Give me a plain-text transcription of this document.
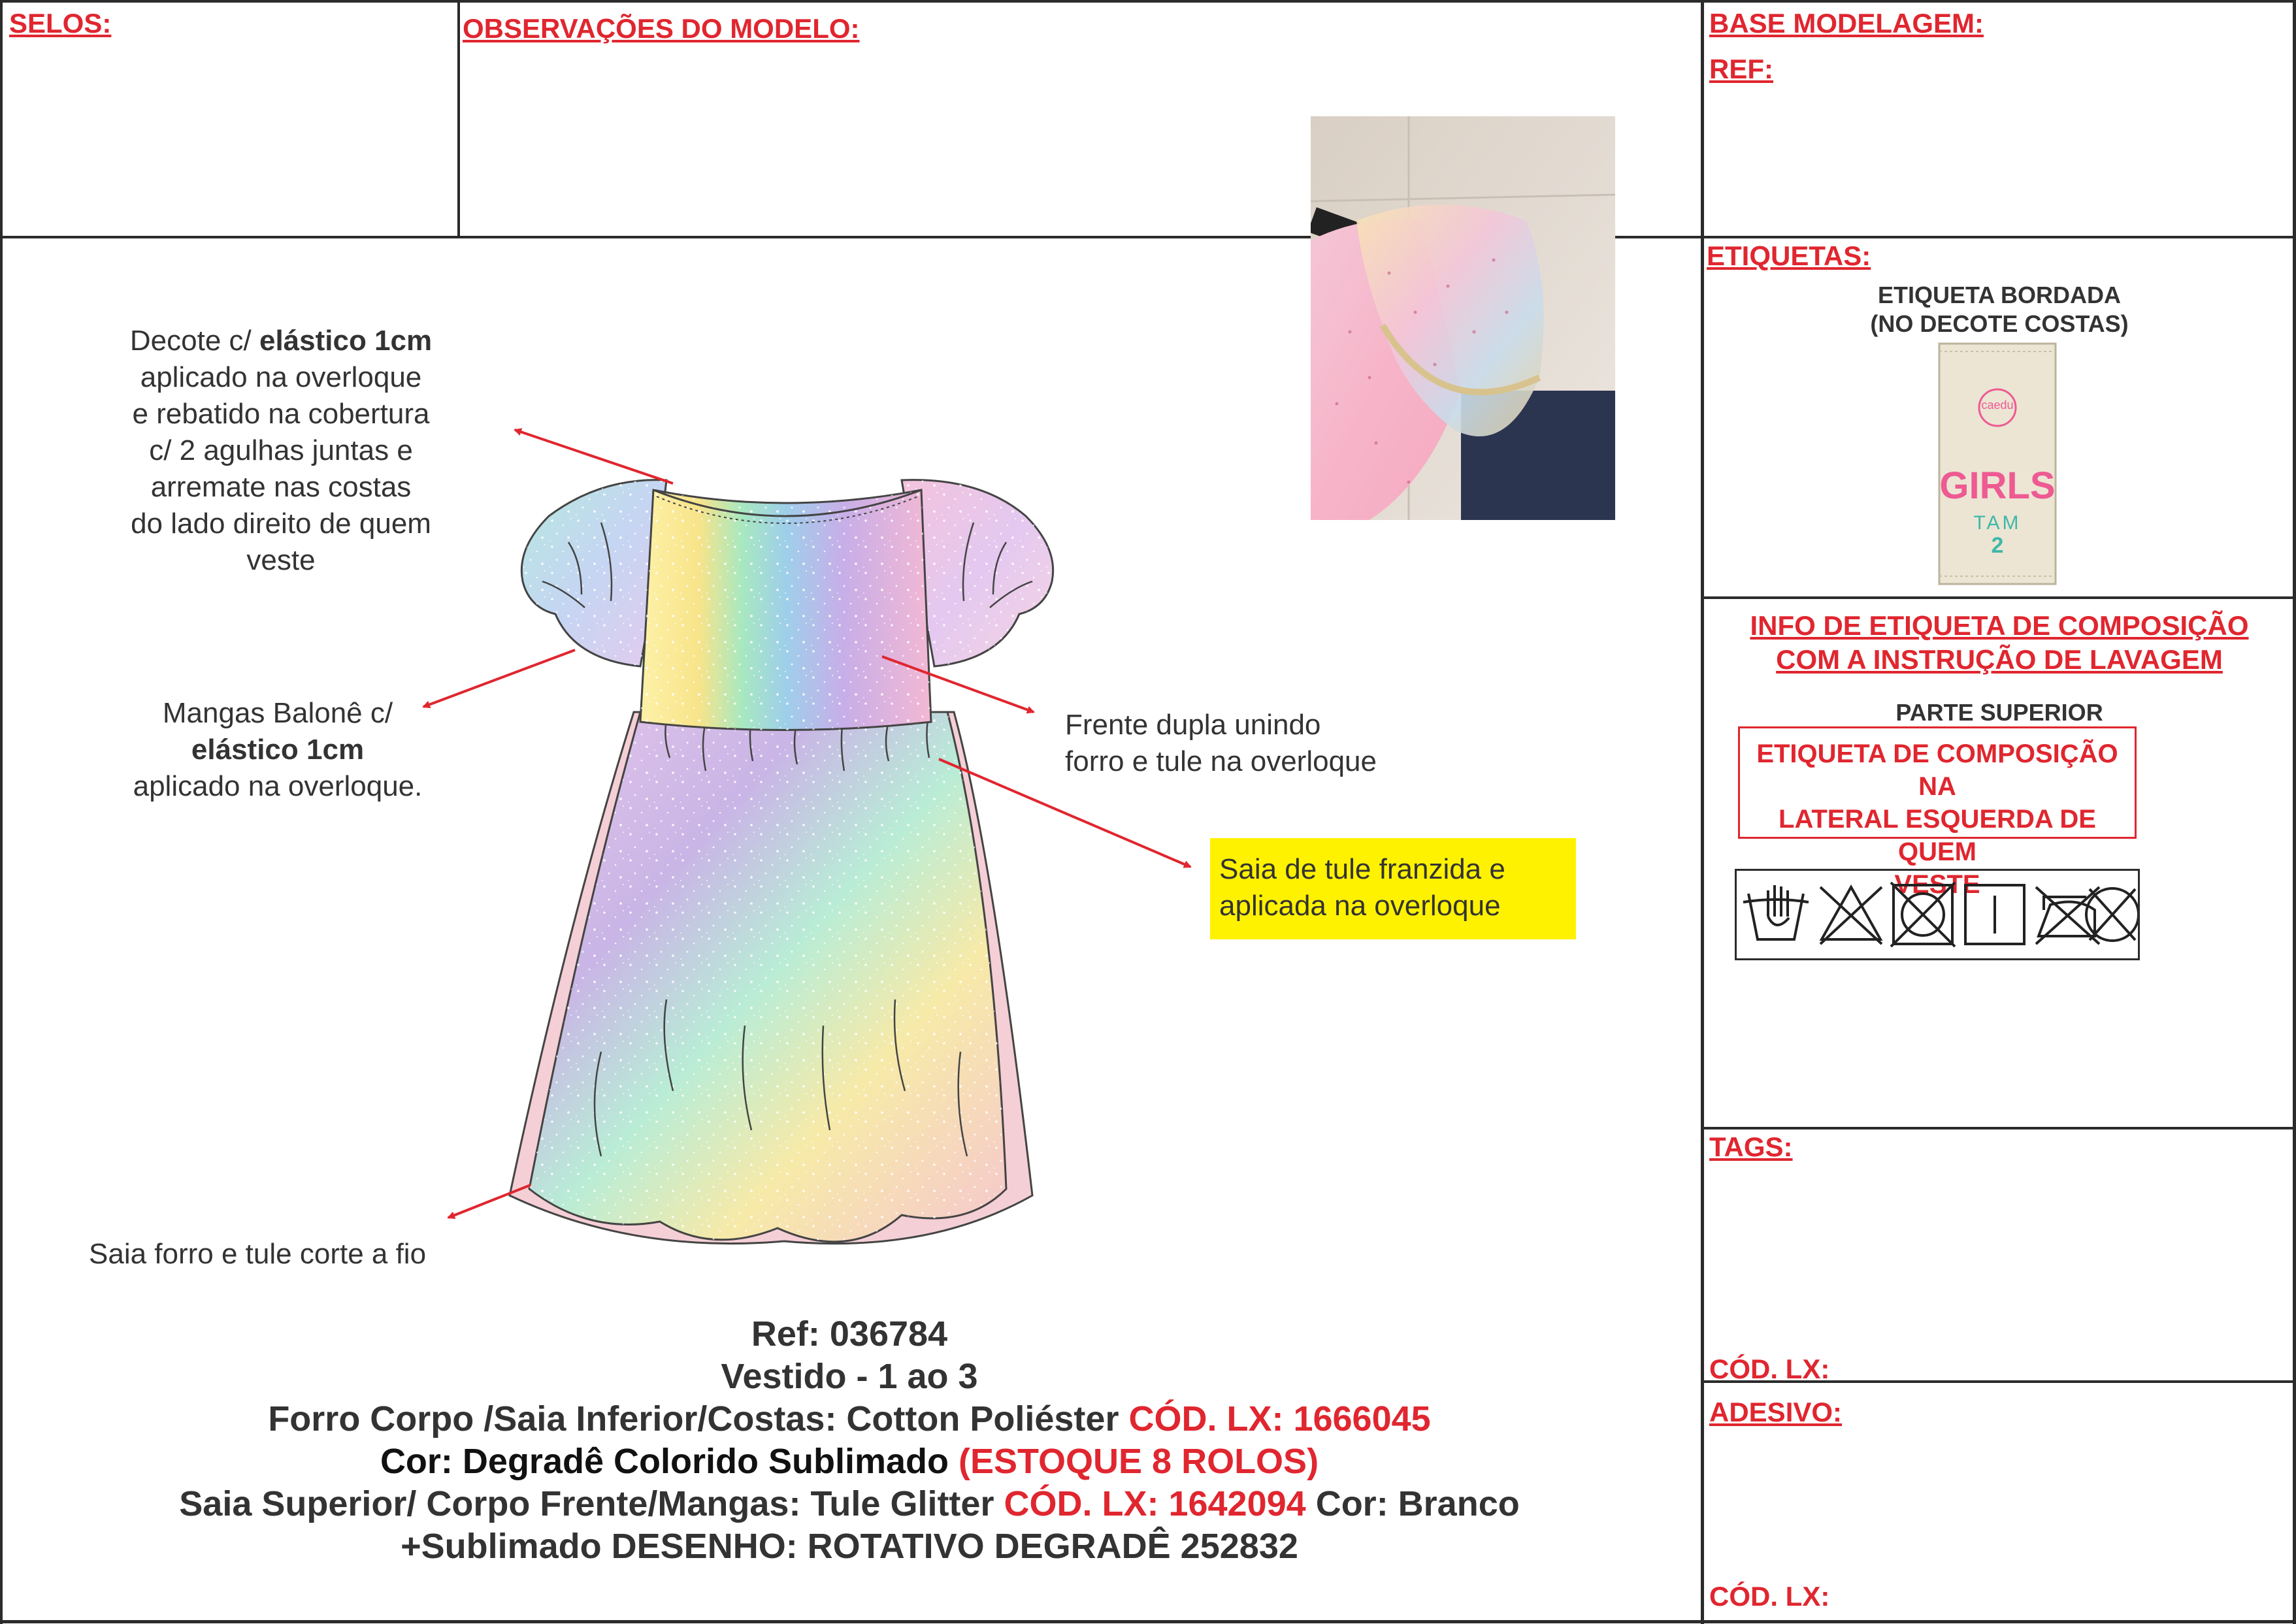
SELOS:	OBSERVAÇÕES DO MODELO:	BASE MODELAGEM:
REF:
ETIQUETAS:
TAGS:
CÓD. LX:
ADESIVO:
CÓD. LX:
Decote c/ elástico 1cm
aplicado na overloque
e rebatido na cobertura
c/ 2 agulhas juntas e
arremate nas costas
do lado direito de quem
veste
Mangas Balonê c/
elástico 1cm
aplicado na overloque.
Frente dupla unindo
forro e tule na overloque
Saia de tule franzida e
aplicada na overloque
Saia forro e tule corte a fio
ETIQUETA BORDADA
(NO DECOTE COSTAS)
caedu
GIRLS
TAM
2
INFO DE ETIQUETA DE COMPOSIÇÃO
COM A INSTRUÇÃO DE LAVAGEM
PARTE SUPERIOR
ETIQUETA DE COMPOSIÇÃO NA
LATERAL ESQUERDA DE QUEM
VESTE
Ref: 036784
Vestido - 1 ao 3
Forro Corpo /Saia Inferior/Costas: Cotton Poliéster CÓD. LX: 1666045
Cor: Degradê Colorido Sublimado (ESTOQUE 8 ROLOS)
Saia Superior/ Corpo Frente/Mangas: Tule Glitter CÓD. LX: 1642094 Cor: Branco
+Sublimado DESENHO: ROTATIVO DEGRADÊ 252832
